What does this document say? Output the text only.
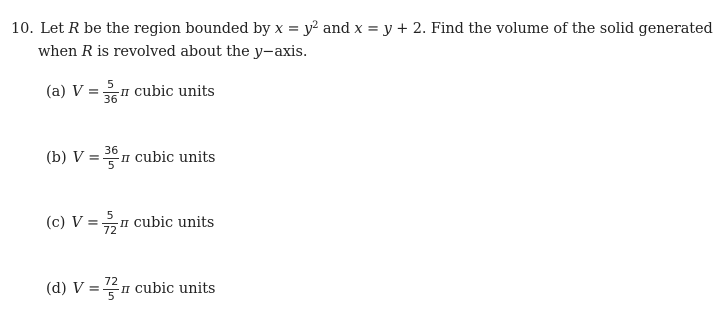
10. Let R be the region bounded by $x = y^2$ and x = y + 2. Find the volume of the solid generated
when R is revolved about the y−axis.
(a) $V = \frac{5}{36}$ π cubic units
(b) $V = \frac{36}{5}$ π cubic units
(c) $V = \frac{5}{72}$ π cubic units
(d) $V = \frac{72}{5}$ π cubic units
